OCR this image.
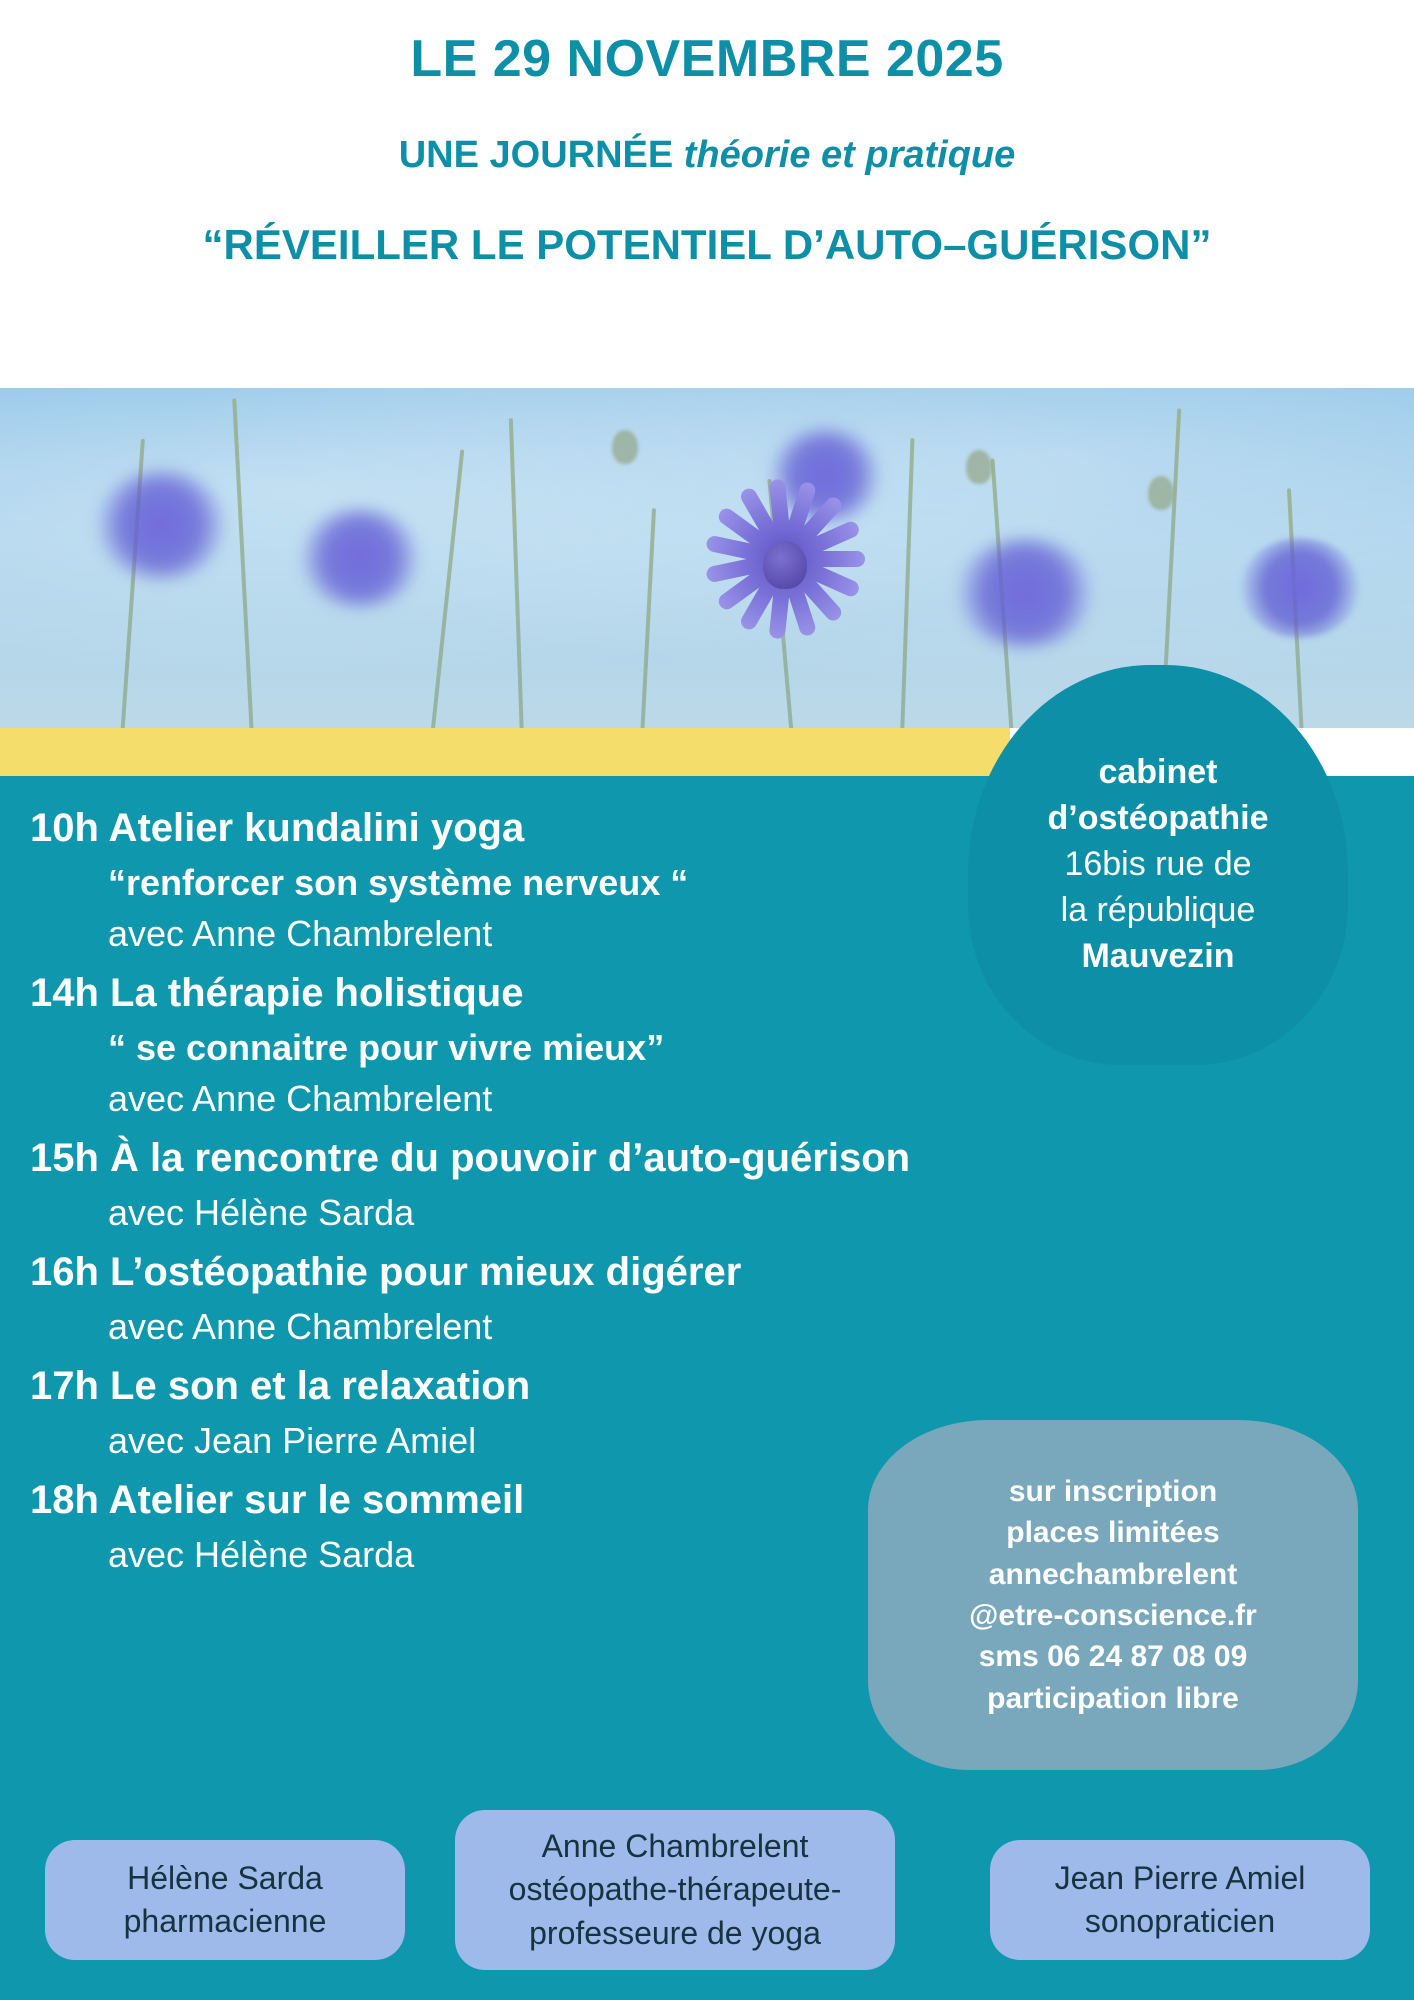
LE 29 NOVEMBRE 2025
UNE JOURNÉE théorie et pratique
“RÉVEILLER LE POTENTIEL D’AUTO–GUÉRISON”
cabinet
d’ostéopathie
16bis rue de
la république
Mauvezin
10h Atelier kundalini yoga
“renforcer son système nerveux “
avec Anne Chambrelent
14h La thérapie holistique
“ se connaitre pour vivre mieux”
avec Anne Chambrelent
15h À la rencontre du pouvoir d’auto-guérison
avec Hélène Sarda
16h L’ostéopathie pour mieux digérer
avec Anne Chambrelent
17h Le son et la relaxation
avec Jean Pierre Amiel
18h Atelier sur le sommeil
avec Hélène Sarda
sur inscription
places limitées
annechambrelent
@etre-conscience.fr
sms 06 24 87 08 09
participation libre
Hélène Sarda
pharmacienne
Anne Chambrelent
ostéopathe-thérapeute-professeure de yoga
Jean Pierre Amiel
sonopraticien
